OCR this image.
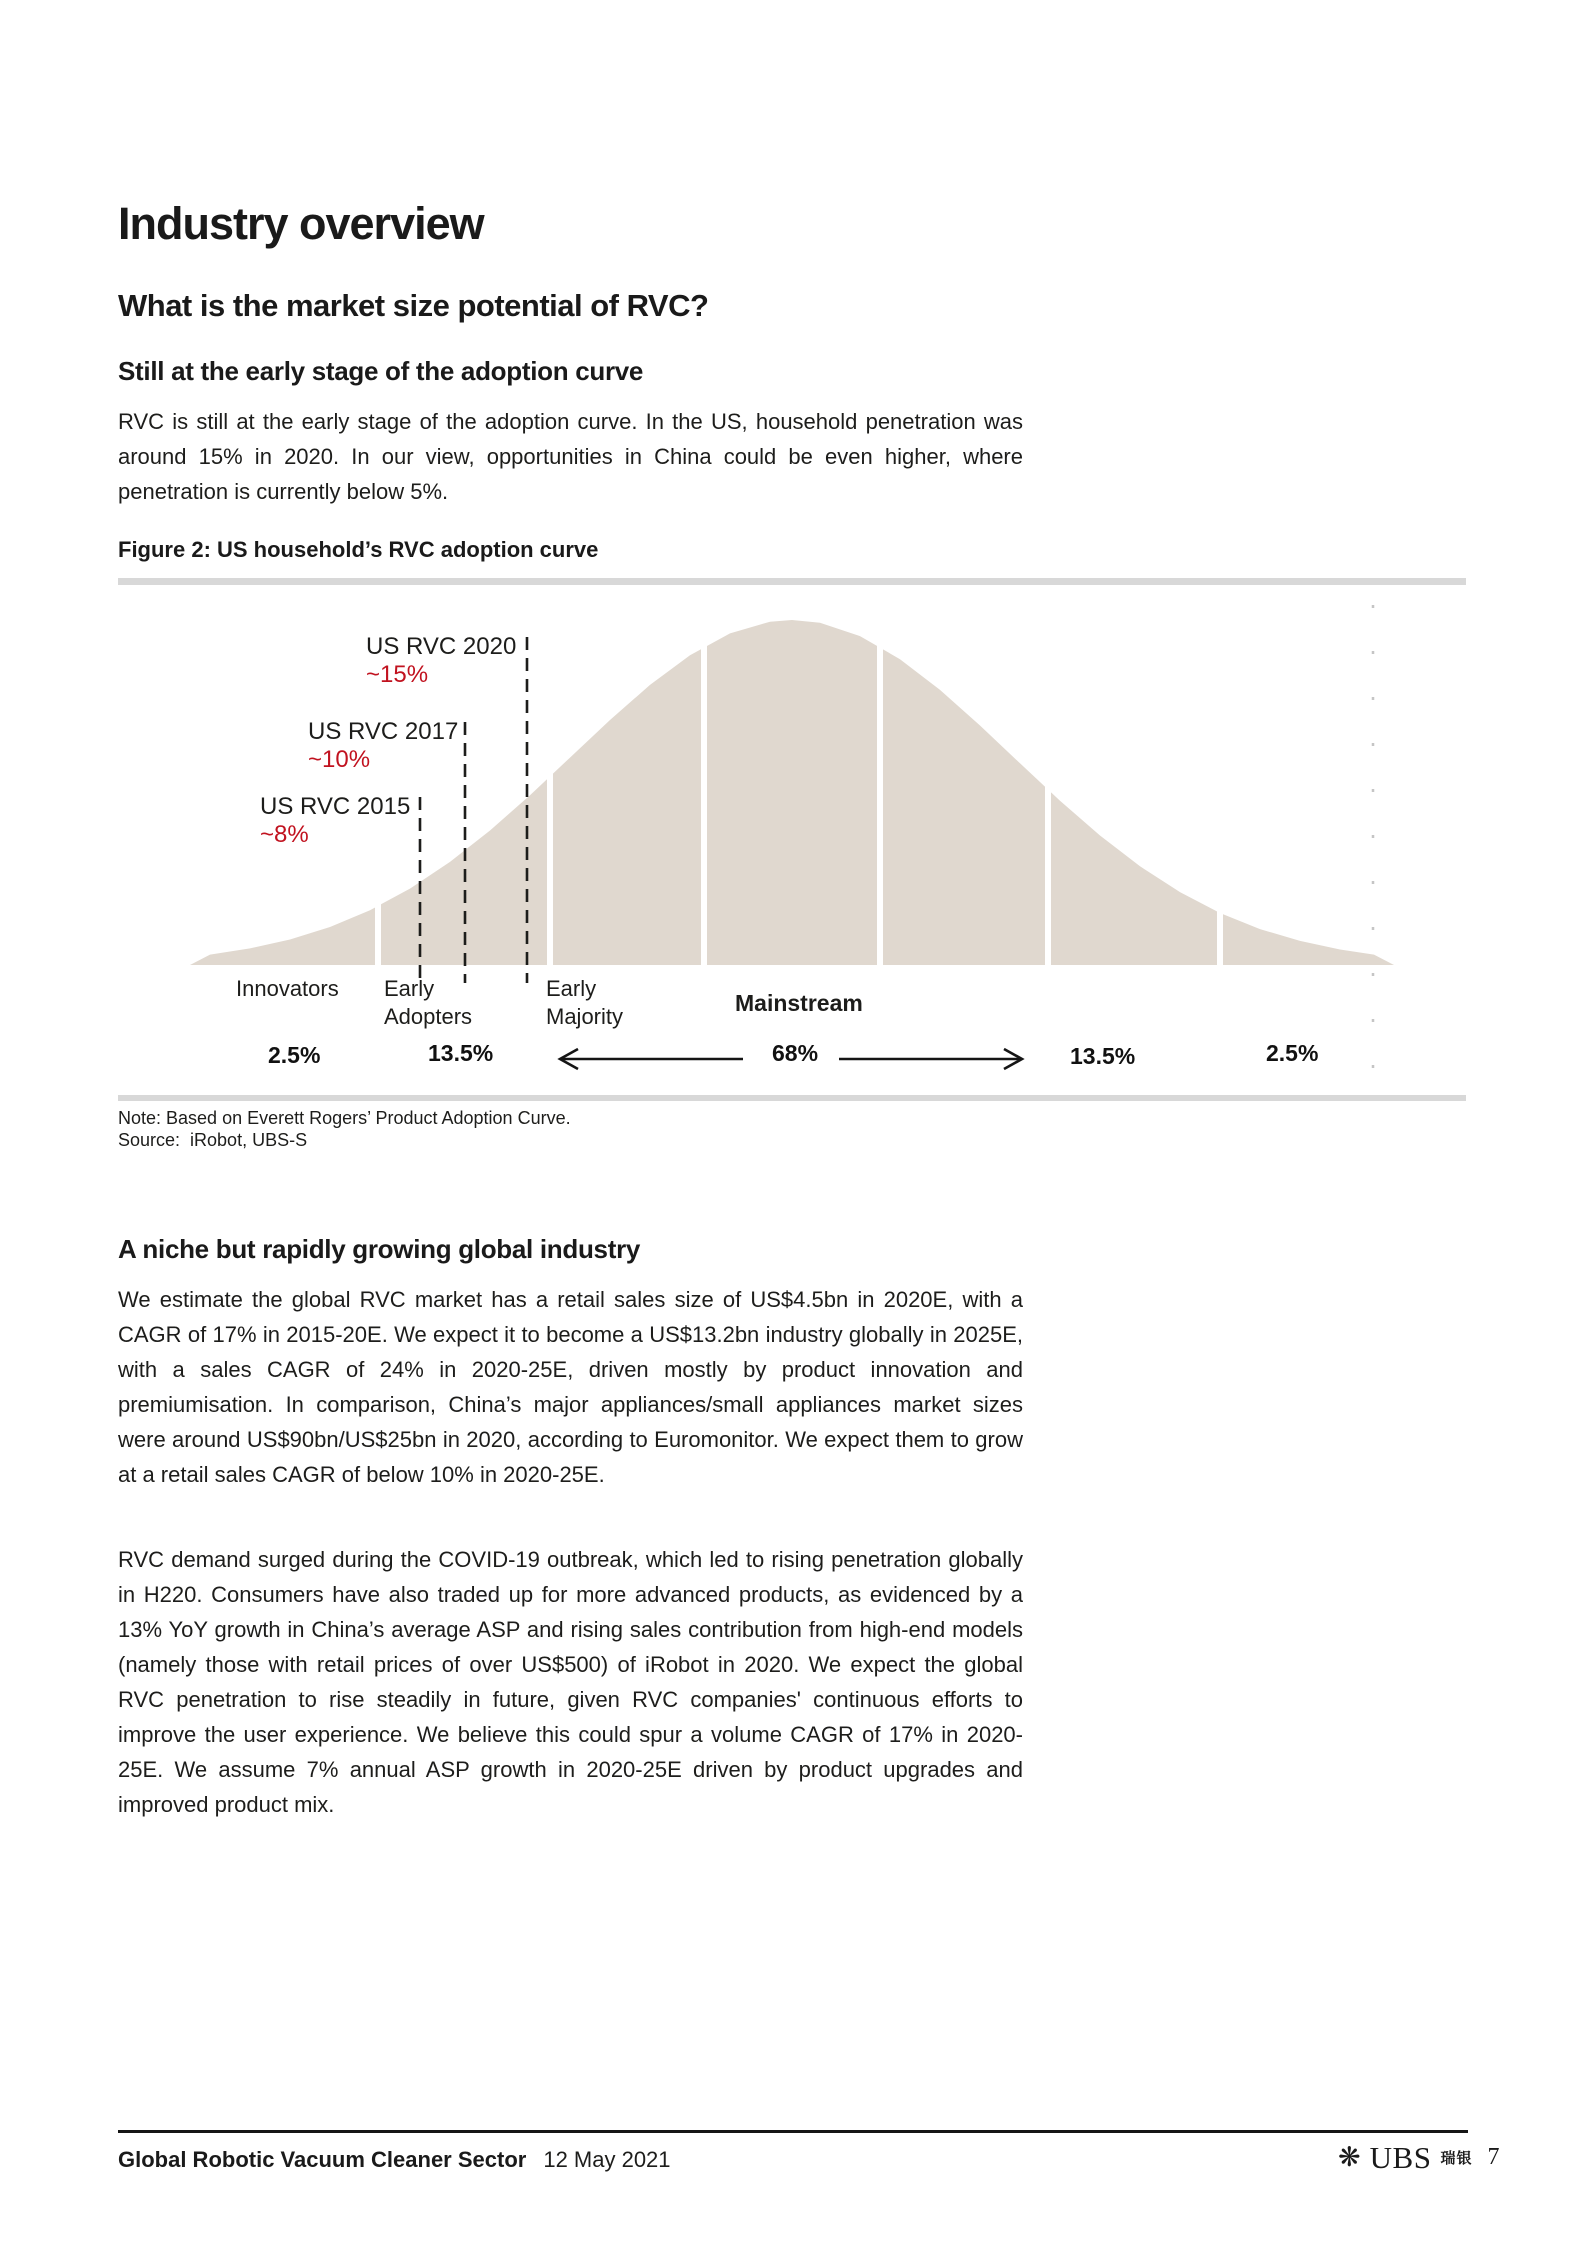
Industry overview
What is the market size potential of RVC?
Still at the early stage of the adoption curve
RVC is still at the early stage of the adoption curve. In the US, household penetration was around 15% in 2020. In our view, opportunities in China could be even higher, where penetration is currently below 5%.
Figure 2: US household’s RVC adoption curve
US RVC 2020
~15%
US RVC 2017
~10%
US RVC 2015
~8%
Innovators Early Adopters
Early Majority
Mainstream
2.5%	13.5%	68%	13.5%	2.5%
Note: Based on Everett Rogers’ Product Adoption Curve.
Source:  iRobot, UBS-S
A niche but rapidly growing global industry
We estimate the global RVC market has a retail sales size of US$4.5bn in 2020E, with a CAGR of 17% in 2015-20E. We expect it to become a US$13.2bn industry globally in 2025E, with a sales CAGR of 24% in 2020-25E, driven mostly by product innovation and premiumisation. In comparison, China’s major appliances/small appliances market sizes were around US$90bn/US$25bn in 2020, according to Euromonitor. We expect them to grow at a retail sales CAGR of below 10% in 2020-25E.
RVC demand surged during the COVID-19 outbreak, which led to rising penetration globally in H220. Consumers have also traded up for more advanced products, as evidenced by a 13% YoY growth in China’s average ASP and rising sales contribution from high-end models (namely those with retail prices of over US$500) of iRobot in 2020. We expect the global RVC penetration to rise steadily in future, given RVC companies' continuous efforts to improve the user experience. We believe this could spur a volume CAGR of 17% in 2020-25E. We assume 7% annual ASP growth in 2020-25E driven by product upgrades and improved product mix.
Global Robotic Vacuum Cleaner Sector 12 May 2021	❋ UBS 瑞银 7
